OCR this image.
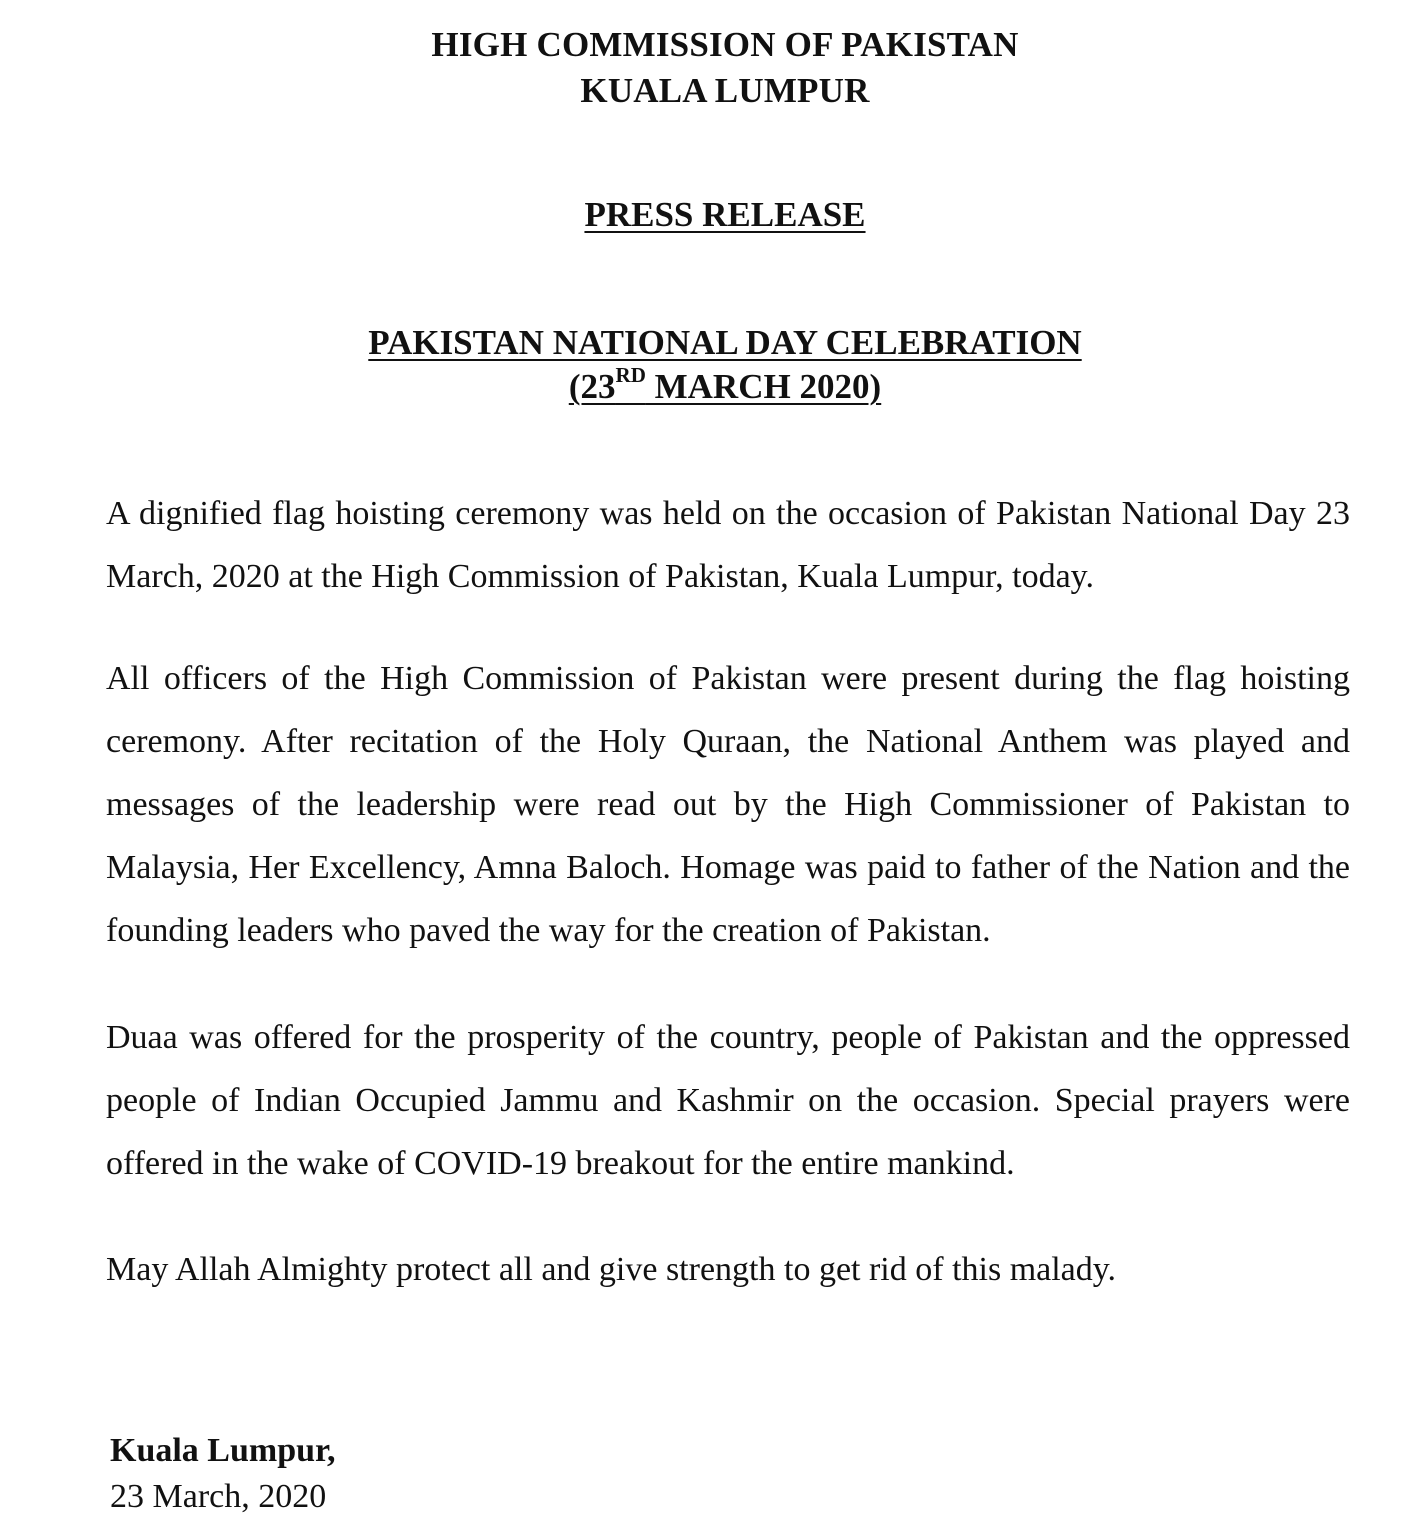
HIGH COMMISSION OF PAKISTAN
KUALA LUMPUR
PRESS RELEASE
PAKISTAN NATIONAL DAY CELEBRATION
(23RD MARCH 2020)
A dignified flag hoisting ceremony was held on the occasion of Pakistan National Day 23 March, 2020 at the High Commission of Pakistan, Kuala Lumpur, today.
All officers of the High Commission of Pakistan were present during the flag hoisting ceremony. After recitation of the Holy Quraan, the National Anthem was played and messages of the leadership were read out by the High Commissioner of Pakistan to Malaysia, Her Excellency, Amna Baloch. Homage was paid to father of the Nation and the founding leaders who paved the way for the creation of Pakistan.
Duaa was offered for the prosperity of the country, people of Pakistan and the oppressed people of Indian Occupied Jammu and Kashmir on the occasion. Special prayers were offered in the wake of COVID-19 breakout for the entire mankind.
May Allah Almighty protect all and give strength to get rid of this malady.
Kuala Lumpur,
23 March, 2020
